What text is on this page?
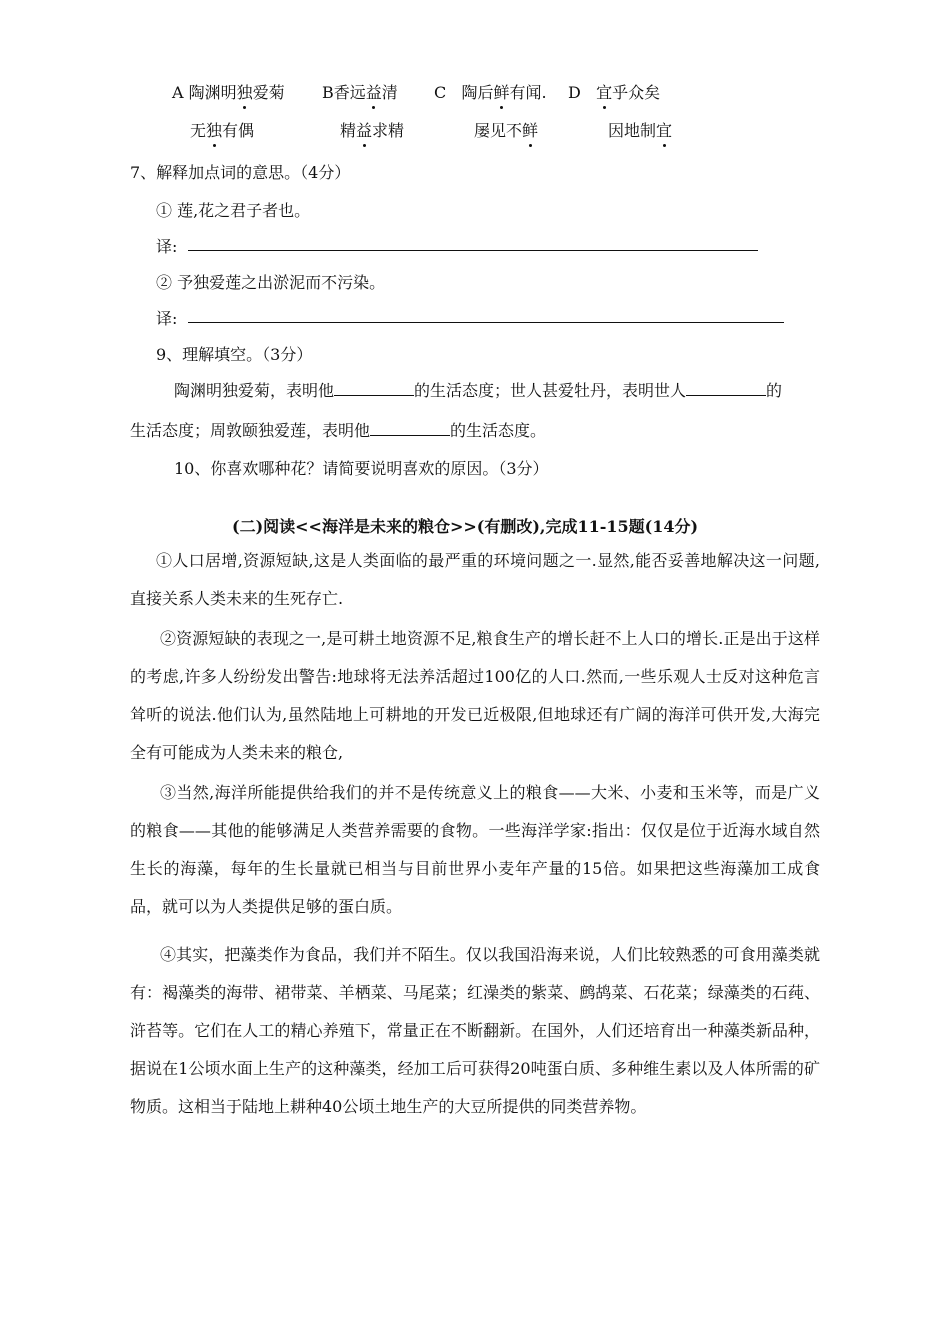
A 陶渊明独爱菊 B香远益清 C 陶后鲜有闻. D 宜乎众矣
无独有偶	精益求精	屡见不鲜	因地制宜
7、解释加点词的意思。（4分）
① 莲,花之君子者也。
译:
② 予独爱莲之出淤泥而不污染。
译:
9、理解填空。（3分）
陶渊明独爱菊，表明他	的生活态度；世人甚爱牡丹，表明世人	的
生活态度；周敦颐独爱莲，表明他	的生活态度。
10、你喜欢哪种花？请简要说明喜欢的原因。（3分）
(二)阅读<<海洋是未来的粮仓>>(有删改),完成11-15题(14分)
①人口居增,资源短缺,这是人类面临的最严重的环境问题之一.显然,能否妥善地解决这一问题,直接关系人类未来的生死存亡.
②资源短缺的表现之一,是可耕土地资源不足,粮食生产的增长赶不上人口的增长.正是出于这样的考虑,许多人纷纷发出警告:地球将无法养活超过100亿的人口.然而,一些乐观人士反对这种危言耸听的说法.他们认为,虽然陆地上可耕地的开发已近极限,但地球还有广阔的海洋可供开发,大海完全有可能成为人类未来的粮仓,
③当然,海洋所能提供给我们的并不是传统意义上的粮食——大米、小麦和玉米等，而是广义的粮食——其他的能够满足人类营养需要的食物。一些海洋学家:指出：仅仅是位于近海水域自然生长的海藻，每年的生长量就已相当与目前世界小麦年产量的15倍。如果把这些海藻加工成食品，就可以为人类提供足够的蛋白质。
④其实，把藻类作为食品，我们并不陌生。仅以我国沿海来说，人们比较熟悉的可食用藻类就有：褐藻类的海带、裙带菜、羊栖菜、马尾菜；红澡类的紫菜、鹧鸪菜、石花菜；绿藻类的石莼、浒苔等。它们在人工的精心养殖下，常量正在不断翻新。在国外，人们还培育出一种藻类新品种，据说在1公顷水面上生产的这种藻类，经加工后可获得20吨蛋白质、多种维生素以及人体所需的矿物质。这相当于陆地上耕种40公顷土地生产的大豆所提供的同类营养物。
